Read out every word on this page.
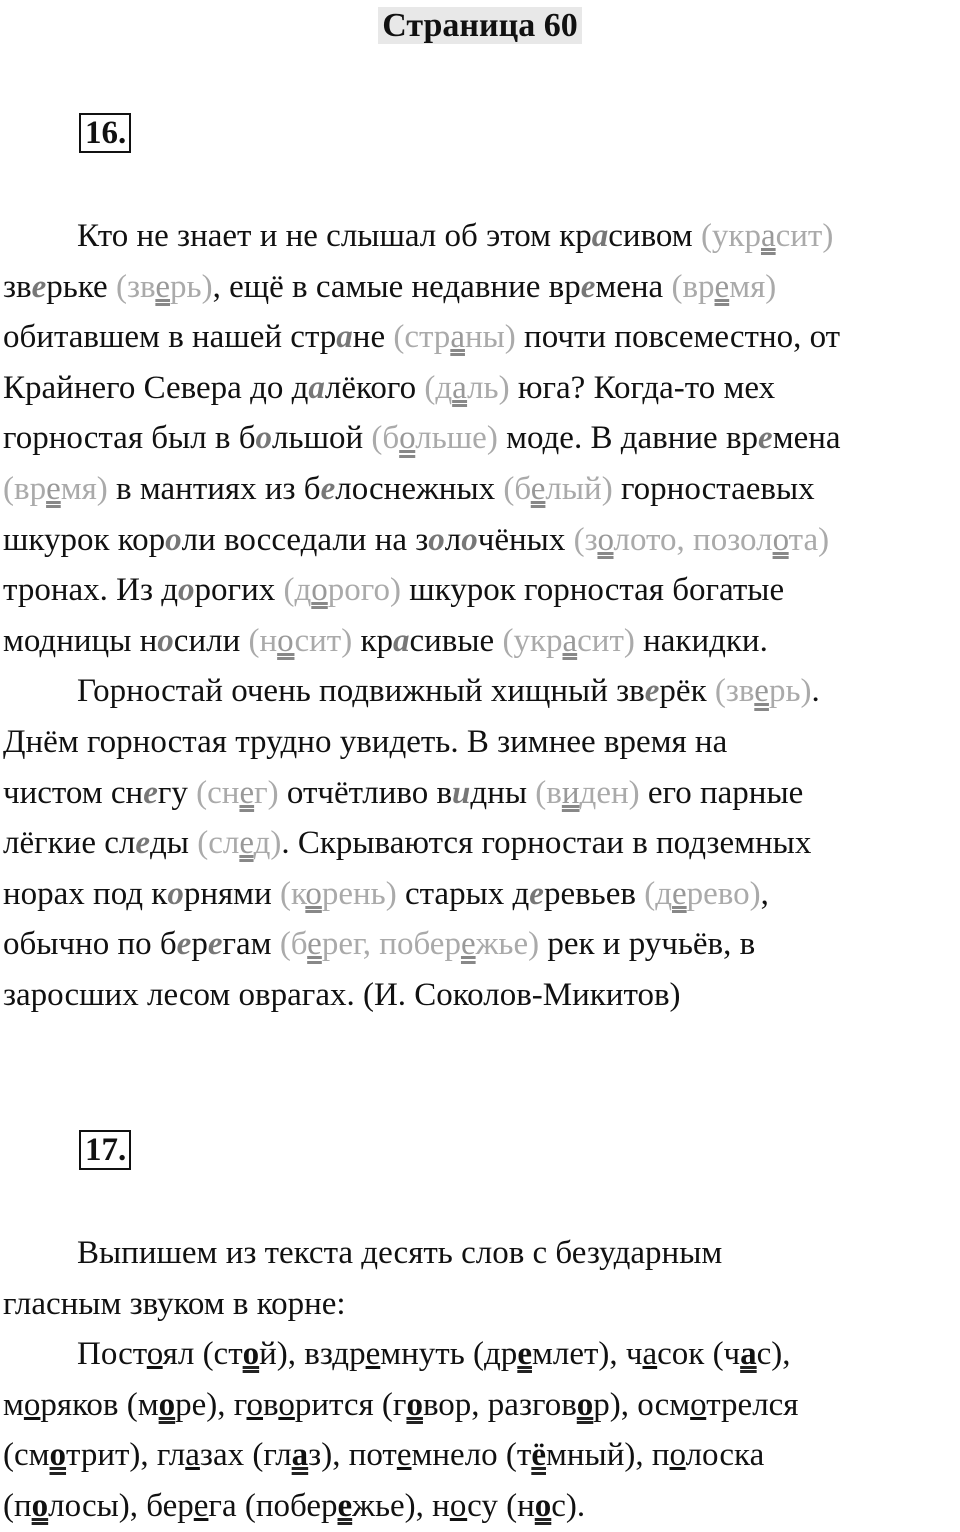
Страница 60
16.
Кто не знает и не слышал об этом красивом (украсит)
зверьке (зверь), ещё в самые недавние времена (время)
обитавшем в нашей стране (страны) почти повсеместно, от
Крайнего Севера до далёкого (даль) юга? Когда-то мех
горностая был в большой (больше) моде. В давние времена
(время) в мантиях из белоснежных (белый) горностаевых
шкурок короли восседали на золочёных (золото, позолота)
тронах. Из дорогих (дорого) шкурок горностая богатые
модницы носили (носит) красивые (украсит) накидки.
Горностай очень подвижный хищный зверёк (зверь).
Днём горностая трудно увидеть. В зимнее время на
чистом снегу (снег) отчётливо видны (виден) его парные
лёгкие следы (след). Скрываются горностаи в подземных
норах под корнями (корень) старых деревьев (дерево),
обычно по берегам (берег, побережье) рек и ручьёв, в
заросших лесом оврагах. (И. Соколов-Микитов)
17.
Выпишем из текста десять слов с безударным
гласным звуком в корне:
Постоял (стой), вздремнуть (дремлет), часок (час),
моряков (море), говорится (говор, разговор), осмотрелся
(смотрит), глазах (глаз), потемнело (тёмный), полоска
(полосы), берега (побережье), носу (нос).
